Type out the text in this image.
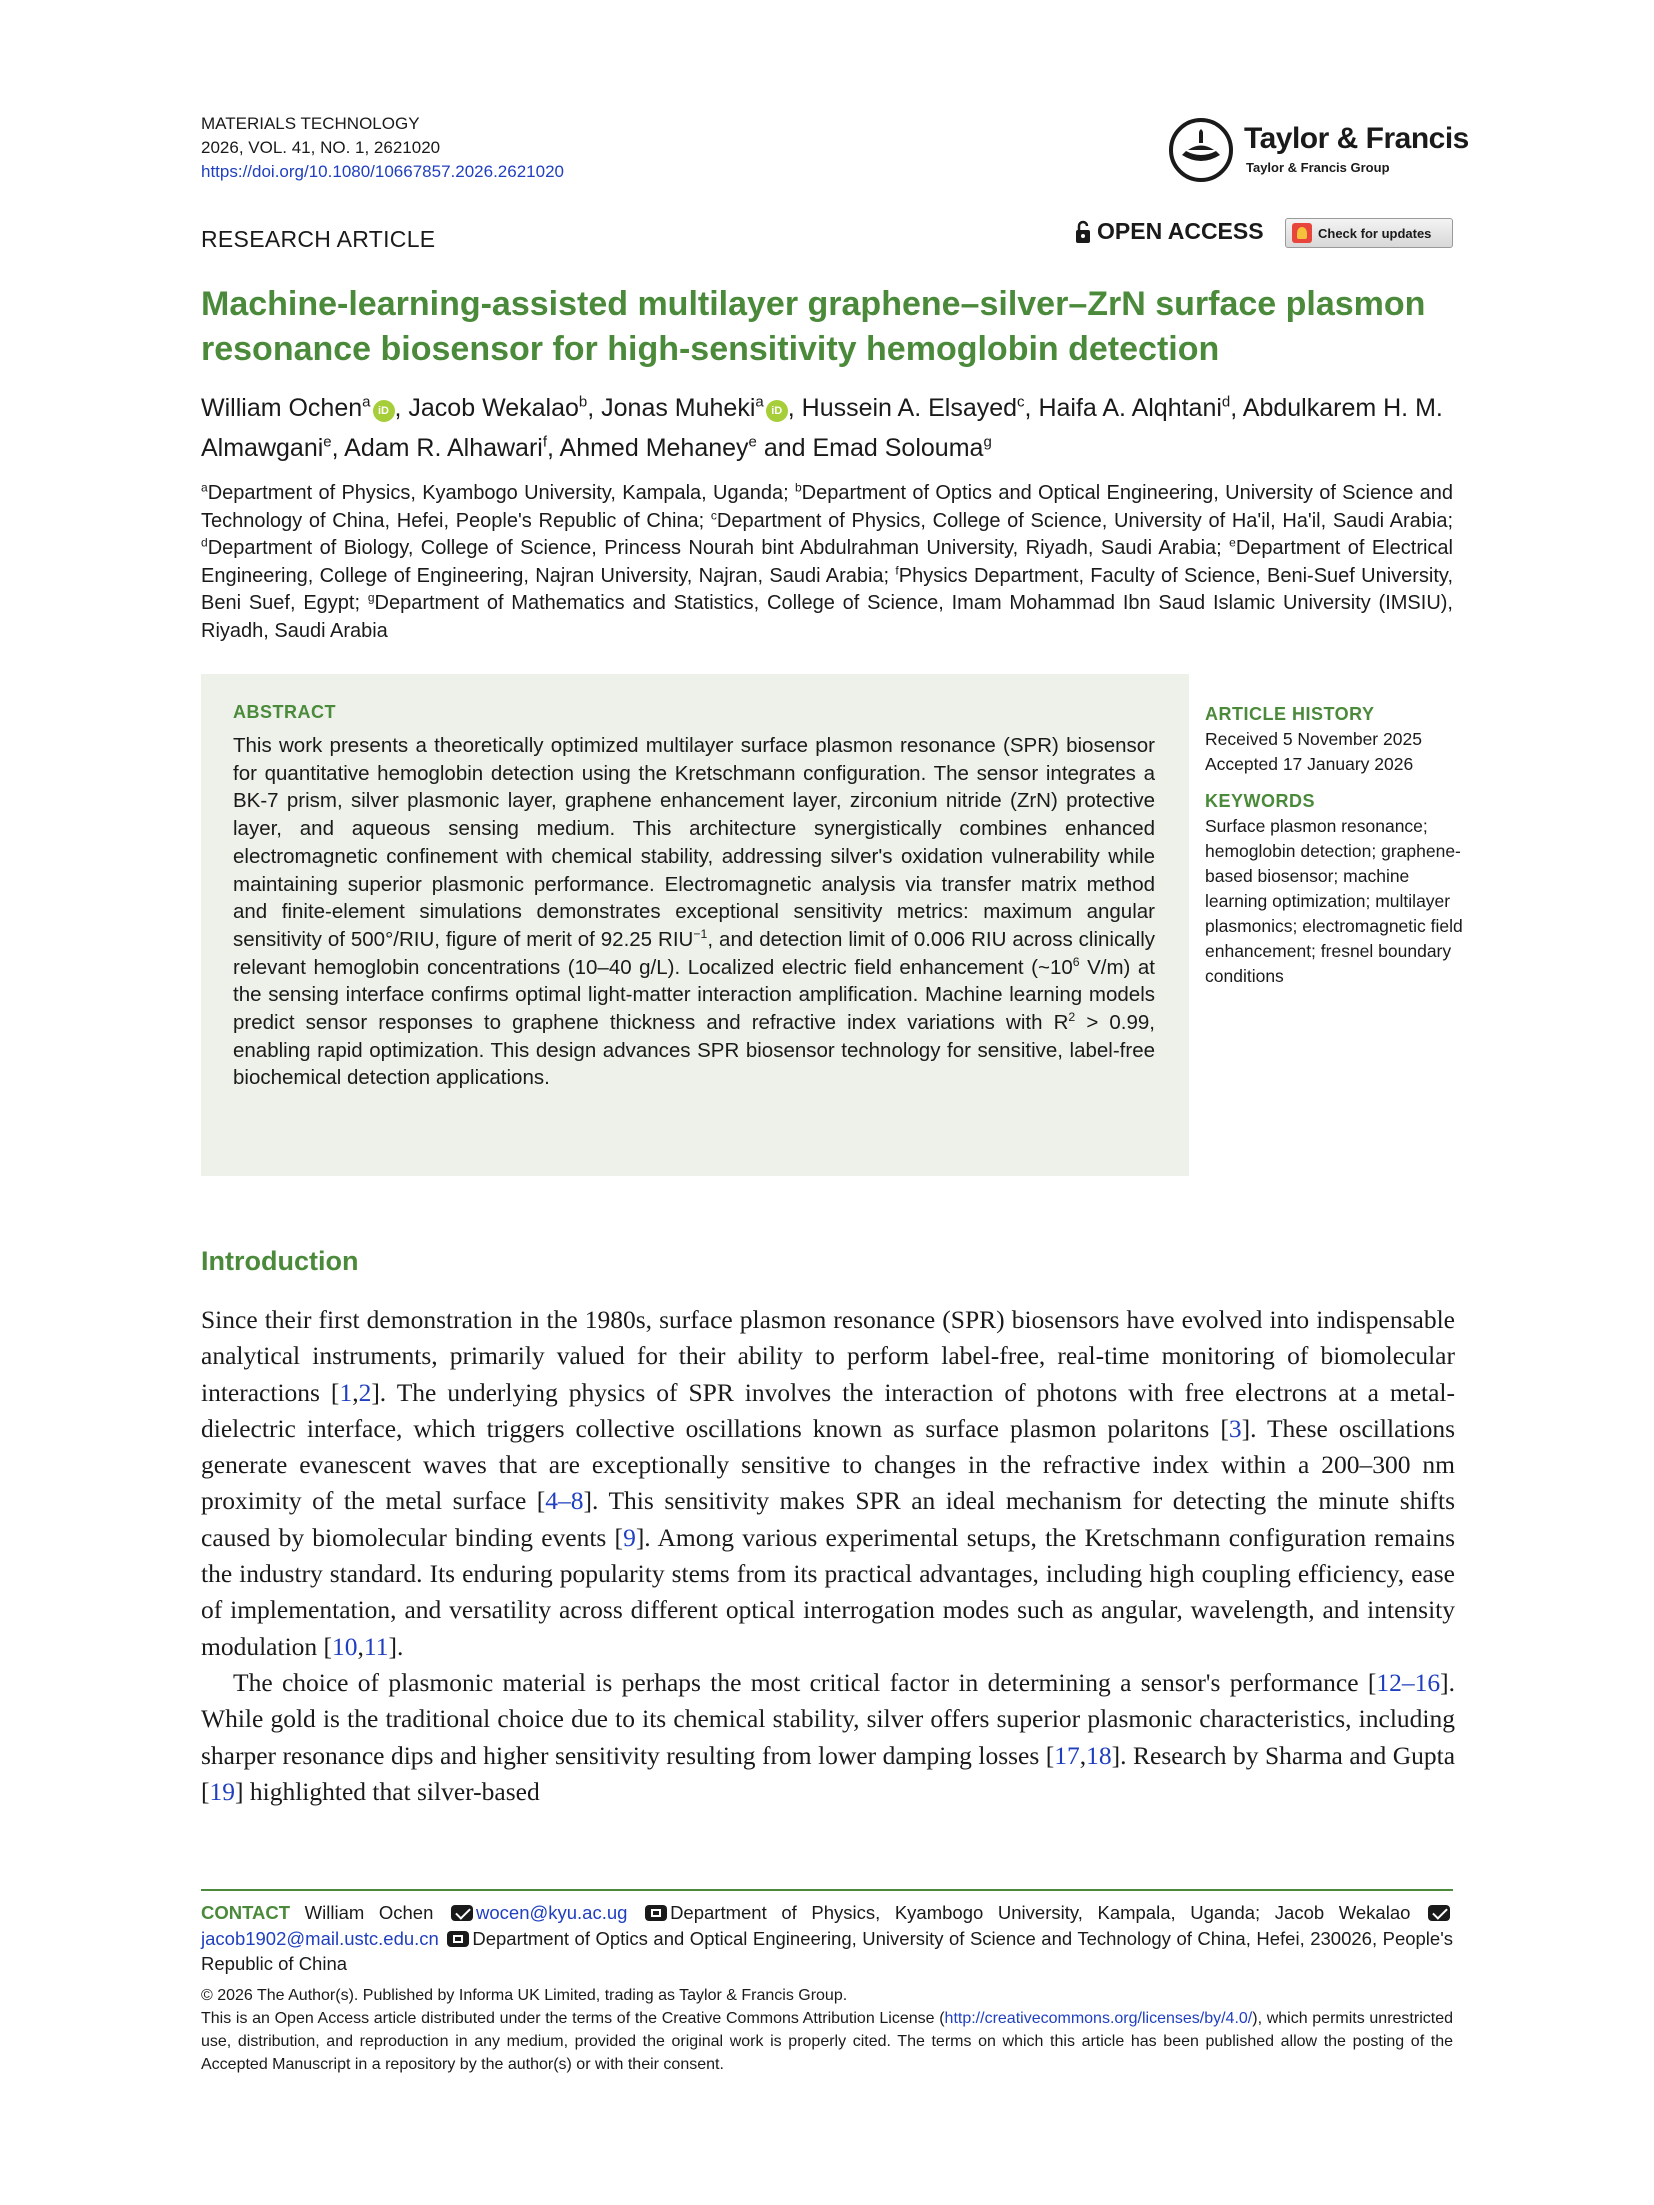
MATERIALS TECHNOLOGY
2026, VOL. 41, NO. 1, 2621020
https://doi.org/10.1080/10667857.2026.2621020
Taylor & Francis
Taylor & Francis Group
RESEARCH ARTICLE	OPEN ACCESS	Check for updates
Machine-learning-assisted multilayer graphene–silver–ZrN surface plasmon resonance biosensor for high-sensitivity hemoglobin detection
William Ochen$^a$iD , Jacob Wekalao$^b$, Jonas Muheki$^a$iD , Hussein A. Elsayed$^c$, Haifa A. Alqhtani$^d$, Abdulkarem H. M. Almawgani$^e$, Adam R. Alhawari$^f$, Ahmed Mehaney$^e$ and Emad Solouma$^g$
$^a$Department of Physics, Kyambogo University, Kampala, Uganda; $^b$Department of Optics and Optical Engineering, University of Science and Technology of China, Hefei, People's Republic of China; $^c$Department of Physics, College of Science, University of Ha'il, Ha'il, Saudi Arabia; $^d$Department of Biology, College of Science, Princess Nourah bint Abdulrahman University, Riyadh, Saudi Arabia; $^e$Department of Electrical Engineering, College of Engineering, Najran University, Najran, Saudi Arabia; $^f$Physics Department, Faculty of Science, Beni-Suef University, Beni Suef, Egypt; $^g$Department of Mathematics and Statistics, College of Science, Imam Mohammad Ibn Saud Islamic University (IMSIU), Riyadh, Saudi Arabia
ABSTRACT
This work presents a theoretically optimized multilayer surface plasmon resonance (SPR) biosensor for quantitative hemoglobin detection using the Kretschmann configuration. The sensor integrates a BK-7 prism, silver plasmonic layer, graphene enhancement layer, zirconium nitride (ZrN) protective layer, and aqueous sensing medium. This architecture synergistically combines enhanced electromagnetic confinement with chemical stability, addressing silver's oxidation vulnerability while maintaining superior plasmonic performance. Electromagnetic analysis via transfer matrix method and finite-element simulations demonstrates exceptional sensitivity metrics: maximum angular sensitivity of 500°/RIU, figure of merit of 92.25 $RIU^{-1}$, and detection limit of 0.006 RIU across clinically relevant hemoglobin concentrations (10–40 g/L). Localized electric field enhancement ($\sim 10^6$ V/m) at the sensing interface confirms optimal light-matter interaction amplification. Machine learning models predict sensor responses to graphene thickness and refractive index variations with $R^2 > 0.99$, enabling rapid optimization. This design advances SPR biosensor technology for sensitive, label-free biochemical detection applications.
ARTICLE HISTORY
Received 5 November 2025
Accepted 17 January 2026
KEYWORDS
Surface plasmon resonance; hemoglobin detection; graphene-based biosensor; machine learning optimization; multilayer plasmonics; electromagnetic field enhancement; fresnel boundary conditions
Introduction

Since their first demonstration in the 1980s, surface plasmon resonance (SPR) biosensors have evolved into indispensable analytical instruments, primarily valued for their ability to perform label-free, real-time monitoring of biomolecular interactions [1,2]. The underlying physics of SPR involves the interaction of photons with free electrons at a metal-dielectric interface, which triggers collective oscillations known as surface plasmon polaritons [3]. These oscillations generate evanescent waves that are exceptionally sensitive to changes in the refractive index within a 200–300 nm proximity of the metal surface [4–8]. This sensitivity makes SPR an ideal mechanism for detecting the minute shifts caused by biomolecular binding events [9]. Among various experimental setups, the Kretschmann configuration remains the industry standard. Its enduring popularity stems from its practical advantages, including high coupling efficiency, ease of implementation, and versatility across different optical interrogation modes such as angular, wavelength, and intensity modulation [10,11].

The choice of plasmonic material is perhaps the most critical factor in determining a sensor's performance [12–16]. While gold is the traditional choice due to its chemical stability, silver offers superior plasmonic characteristics, including sharper resonance dips and higher sensitivity resulting from lower damping losses [17,18]. Research by Sharma and Gupta [19] highlighted that silver-based

CONTACT William Ochen wocen@kyu.ac.ug Department of Physics, Kyambogo University, Kampala, Uganda; Jacob Wekalao jacob1902@mail.ustc.edu.cn Department of Optics and Optical Engineering, University of Science and Technology of China, Hefei, 230026, People's Republic of China
© 2026 The Author(s). Published by Informa UK Limited, trading as Taylor & Francis Group.
This is an Open Access article distributed under the terms of the Creative Commons Attribution License (http://creativecommons.org/licenses/by/4.0/), which permits unrestricted use, distribution, and reproduction in any medium, provided the original work is properly cited. The terms on which this article has been published allow the posting of the Accepted Manuscript in a repository by the author(s) or with their consent.
